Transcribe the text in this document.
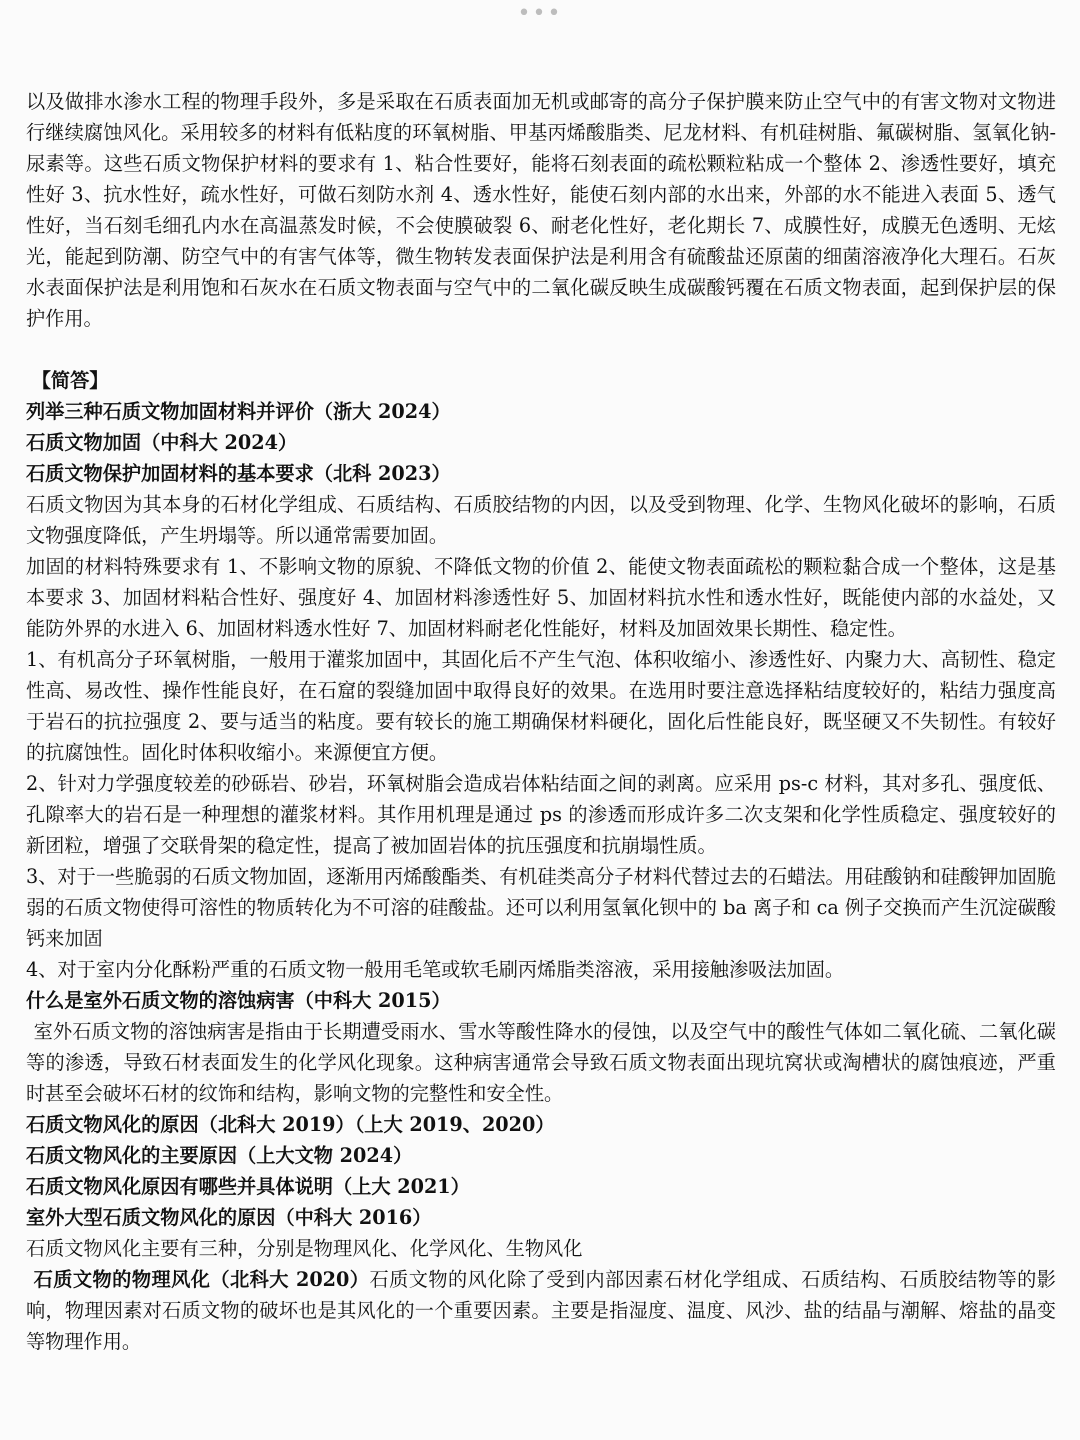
•••

以及做排水渗水工程的物理手段外，多是采取在石质表面加无机或邮寄的高分子保护膜来防止空气中的有害文物对文物进行继续腐蚀风化。采用较多的材料有低粘度的环氧树脂、甲基丙烯酸脂类、尼龙材料、有机硅树脂、氟碳树脂、氢氧化钠-尿素等。这些石质文物保护材料的要求有 1、粘合性要好，能将石刻表面的疏松颗粒粘成一个整体 2、渗透性要好，填充性好 3、抗水性好，疏水性好，可做石刻防水剂 4、透水性好，能使石刻内部的水出来，外部的水不能进入表面 5、透气性好，当石刻毛细孔内水在高温蒸发时候，不会使膜破裂 6、耐老化性好，老化期长 7、成膜性好，成膜无色透明、无炫光，能起到防潮、防空气中的有害气体等，微生物转发表面保护法是利用含有硫酸盐还原菌的细菌溶液净化大理石。石灰水表面保护法是利用饱和石灰水在石质文物表面与空气中的二氧化碳反映生成碳酸钙覆在石质文物表面，起到保护层的保护作用。

【简答】

列举三种石质文物加固材料并评价（浙大 2024）

石质文物加固（中科大 2024）

石质文物保护加固材料的基本要求（北科 2023）

石质文物因为其本身的石材化学组成、石质结构、石质胶结物的内因，以及受到物理、化学、生物风化破坏的影响，石质文物强度降低，产生坍塌等。所以通常需要加固。

加固的材料特殊要求有 1、不影响文物的原貌、不降低文物的价值 2、能使文物表面疏松的颗粒黏合成一个整体，这是基本要求 3、加固材料粘合性好、强度好 4、加固材料渗透性好 5、加固材料抗水性和透水性好，既能使内部的水益处，又能防外界的水进入 6、加固材料透水性好 7、加固材料耐老化性能好，材料及加固效果长期性、稳定性。

1、有机高分子环氧树脂，一般用于灌浆加固中，其固化后不产生气泡、体积收缩小、渗透性好、内聚力大、高韧性、稳定性高、易改性、操作性能良好，在石窟的裂缝加固中取得良好的效果。在选用时要注意选择粘结度较好的，粘结力强度高于岩石的抗拉强度 2、要与适当的粘度。要有较长的施工期确保材料硬化，固化后性能良好，既坚硬又不失韧性。有较好的抗腐蚀性。固化时体积收缩小。来源便宜方便。

2、针对力学强度较差的砂砾岩、砂岩，环氧树脂会造成岩体粘结面之间的剥离。应采用 ps-c 材料，其对多孔、强度低、孔隙率大的岩石是一种理想的灌浆材料。其作用机理是通过 ps 的渗透而形成许多二次支架和化学性质稳定、强度较好的新团粒，增强了交联骨架的稳定性，提高了被加固岩体的抗压强度和抗崩塌性质。

3、对于一些脆弱的石质文物加固，逐渐用丙烯酸酯类、有机硅类高分子材料代替过去的石蜡法。用硅酸钠和硅酸钾加固脆弱的石质文物使得可溶性的物质转化为不可溶的硅酸盐。还可以利用氢氧化钡中的 ba 离子和 ca 例子交换而产生沉淀碳酸钙来加固

4、对于室内分化酥粉严重的石质文物一般用毛笔或软毛刷丙烯脂类溶液，采用接触渗吸法加固。

什么是室外石质文物的溶蚀病害（中科大 2015）

室外石质文物的溶蚀病害是指由于长期遭受雨水、雪水等酸性降水的侵蚀，以及空气中的酸性气体如二氧化硫、二氧化碳等的渗透，导致石材表面发生的化学风化现象。这种病害通常会导致石质文物表面出现坑窝状或淘槽状的腐蚀痕迹，严重时甚至会破坏石材的纹饰和结构，影响文物的完整性和安全性。

石质文物风化的原因（北科大 2019）（上大 2019、2020）

石质文物风化的主要原因（上大文物 2024）

石质文物风化原因有哪些并具体说明（上大 2021）

室外大型石质文物风化的原因（中科大 2016）

石质文物风化主要有三种，分别是物理风化、化学风化、生物风化

石质文物的物理风化（北科大 2020）石质文物的风化除了受到内部因素石材化学组成、石质结构、石质胶结物等的影响，物理因素对石质文物的破坏也是其风化的一个重要因素。主要是指湿度、温度、风沙、盐的结晶与潮解、熔盐的晶变等物理作用。
